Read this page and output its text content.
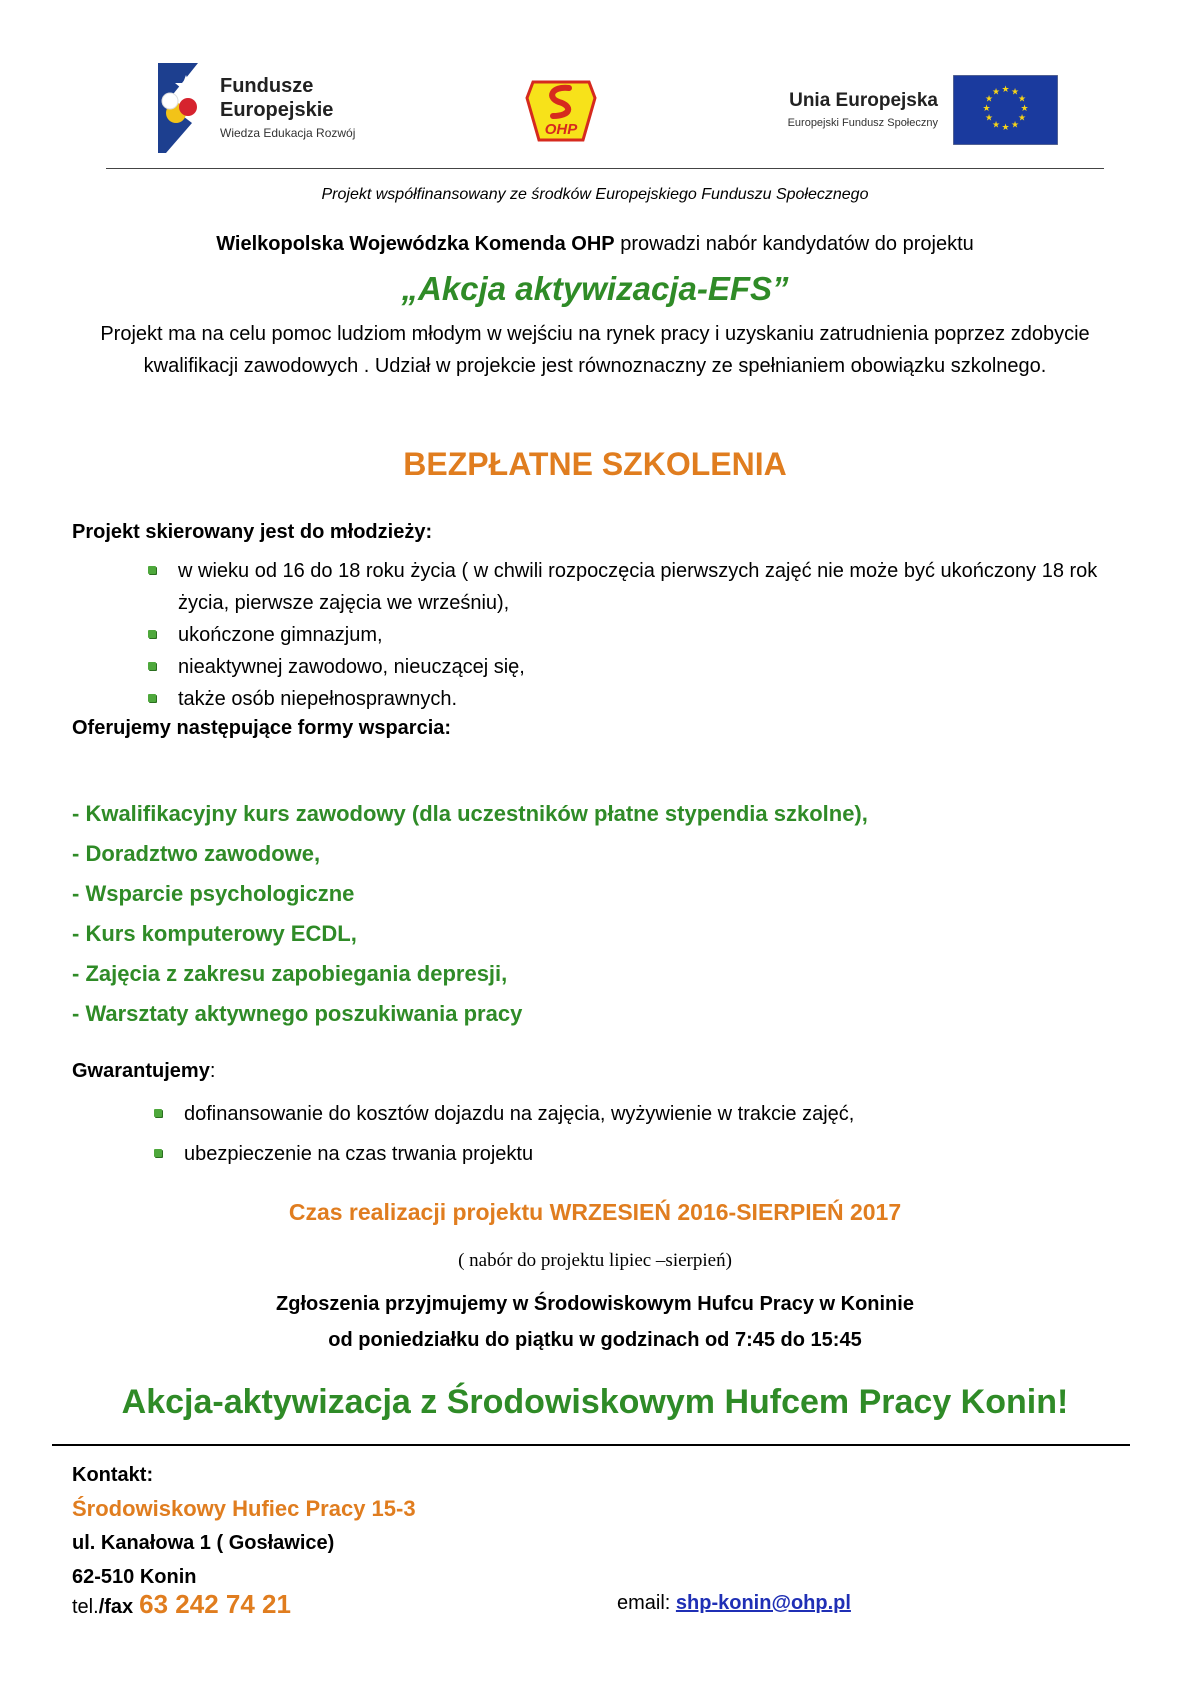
Fundusze
Europejskie
Wiedza Edukacja Rozwój	OHP
Unia Europejska
Europejski Fundusz Społeczny
★ ★
★
★
★
★
★
★
★
★
★
★
Projekt współfinansowany ze środków Europejskiego Funduszu Społecznego
Wielkopolska Wojewódzka Komenda OHP prowadzi nabór kandydatów do projektu
„Akcja aktywizacja-EFS”
Projekt ma na celu pomoc ludziom młodym w wejściu na rynek pracy i uzyskaniu zatrudnienia poprzez zdobycie kwalifikacji zawodowych . Udział w projekcie jest równoznaczny ze spełnianiem obowiązku szkolnego.
BEZPŁATNE SZKOLENIA
Projekt skierowany jest do młodzieży:
w wieku od 16 do 18 roku życia ( w chwili rozpoczęcia pierwszych zajęć nie może być ukończony 18 rok życia, pierwsze zajęcia we wrześniu),
ukończone gimnazjum,
nieaktywnej zawodowo, nieuczącej się,
także osób niepełnosprawnych.
Oferujemy następujące formy wsparcia:
- Kwalifikacyjny kurs zawodowy (dla uczestników płatne stypendia szkolne),
- Doradztwo zawodowe,
- Wsparcie psychologiczne
- Kurs komputerowy ECDL,
- Zajęcia z zakresu zapobiegania depresji,
- Warsztaty aktywnego poszukiwania pracy
Gwarantujemy:
dofinansowanie do kosztów dojazdu na zajęcia, wyżywienie w trakcie zajęć,
ubezpieczenie na czas trwania projektu
Czas realizacji projektu WRZESIEŃ 2016-SIERPIEŃ 2017
( nabór do projektu lipiec –sierpień)
Zgłoszenia przyjmujemy w Środowiskowym Hufcu Pracy w Koninie
od poniedziałku do piątku w godzinach od 7:45 do 15:45
Akcja-aktywizacja z Środowiskowym Hufcem Pracy Konin!
Kontakt:
Środowiskowy Hufiec Pracy 15-3
ul. Kanałowa 1 ( Gosławice)
62-510 Konin
tel./fax 63 242 74 21	email: shp-konin@ohp.pl
